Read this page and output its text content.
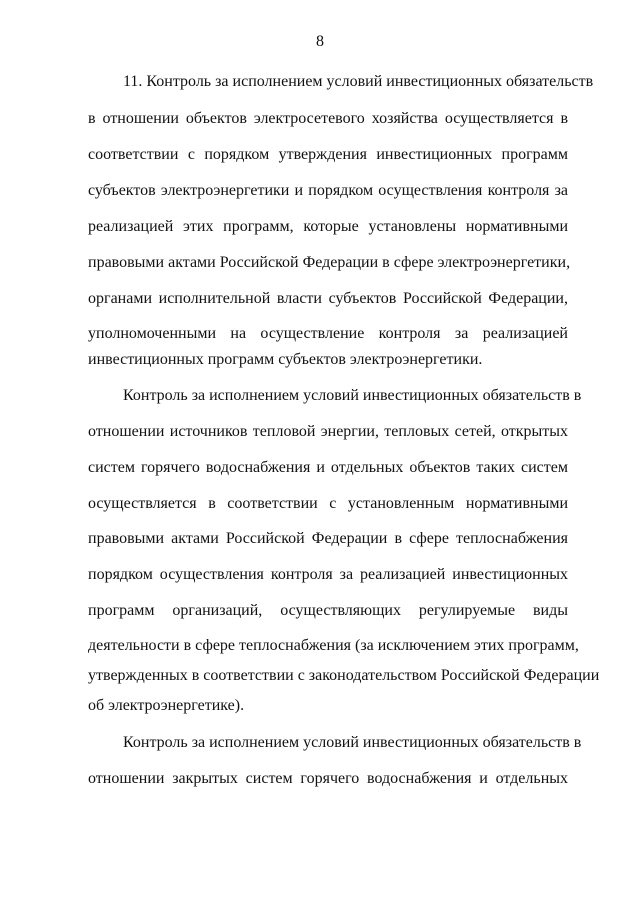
8
11. Контроль за исполнением условий инвестиционных обязательств
в отношении объектов электросетевого хозяйства осуществляется в
соответствии с порядком утверждения инвестиционных программ
субъектов электроэнергетики и порядком осуществления контроля за
реализацией этих программ, которые установлены нормативными
правовыми актами Российской Федерации в сфере электроэнергетики,
органами исполнительной власти субъектов Российской Федерации,
уполномоченными на осуществление контроля за реализацией
инвестиционных программ субъектов электроэнергетики.
Контроль за исполнением условий инвестиционных обязательств в
отношении источников тепловой энергии, тепловых сетей, открытых
систем горячего водоснабжения и отдельных объектов таких систем
осуществляется в соответствии с установленным нормативными
правовыми актами Российской Федерации в сфере теплоснабжения
порядком осуществления контроля за реализацией инвестиционных
программ организаций, осуществляющих регулируемые виды
деятельности в сфере теплоснабжения (за исключением этих программ,
утвержденных в соответствии с законодательством Российской Федерации
об электроэнергетике).
Контроль за исполнением условий инвестиционных обязательств в
отношении закрытых систем горячего водоснабжения и отдельных
